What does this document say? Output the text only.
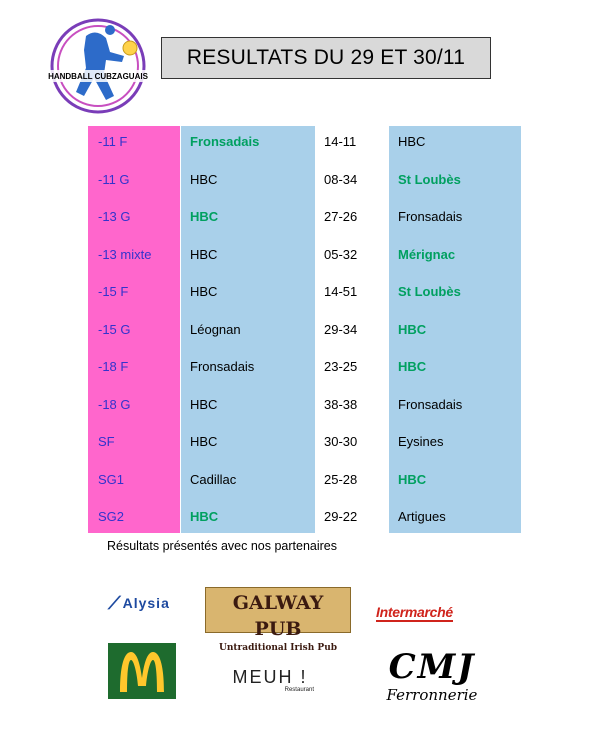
HANDBALL CUBZAGUAIS
RESULTATS DU 29 ET 30/11
-11 F	Fronsadais	14-11	HBC
-11 G	HBC	08-34	St Loubès
-13 G	HBC	27-26	Fronsadais
-13 mixte	HBC	05-32	Mérignac
-15 F	HBC	14-51	St Loubès
-15 G	Léognan	29-34	HBC
-18 F	Fronsadais	23-25	HBC
-18 G	HBC	38-38	Fronsadais
SF	HBC	30-30	Eysines
SG1	Cadillac	25-28	HBC
SG2	HBC	29-22	Artigues
Résultats présentés avec nos partenaires
⟋ Alysia	GALWAY PUB
Untraditional Irish Pub
Intermarché
MEUH !
Restaurant
CMJ
Ferronnerie
